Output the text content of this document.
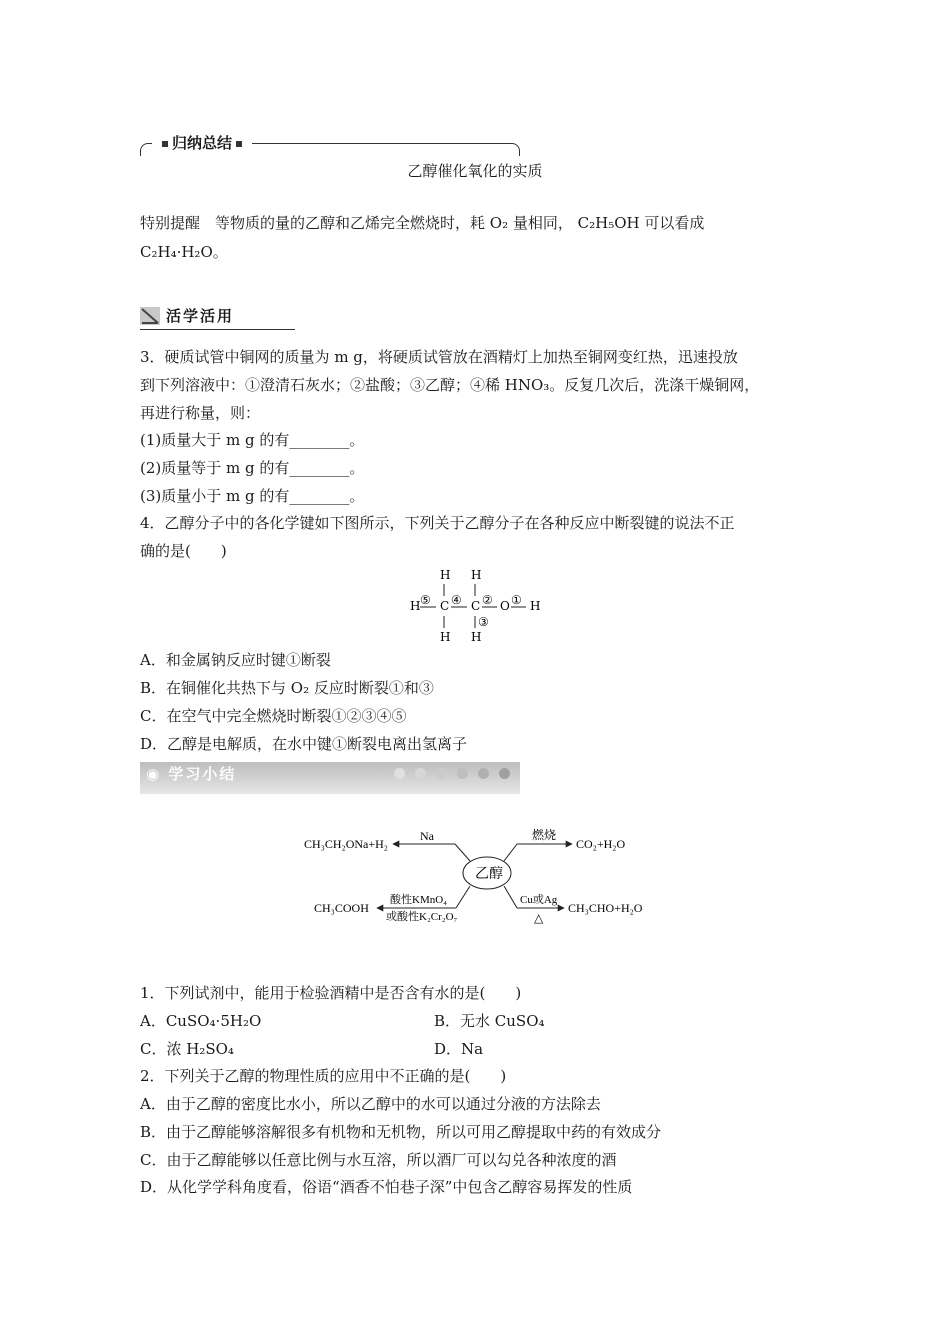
归纳总结
乙醇催化氧化的实质
特别提醒　 等物质的量的乙醇和乙烯完全燃烧时，耗 O₂ 量相同， C₂H₅OH 可以看成
C₂H₄·H₂O。
活学活用
3．硬质试管中铜网的质量为 m g，将硬质试管放在酒精灯上加热至铜网变红热，迅速投放
到下列溶液中：①澄清石灰水；②盐酸；③乙醇；④稀 HNO₃。反复几次后，洗涤干燥铜网，
再进行称量，则：
(1)质量大于 m g 的有________。
(2)质量等于 m g 的有________。
(3)质量小于 m g 的有________。
4．乙醇分子中的各化学键如下图所示，下列关于乙醇分子在各种反应中断裂键的说法不正
确的是(　　)
H H
H ⑤ C ④ C ② O ① H
③
H H
A．和金属钠反应时键①断裂
B．在铜催化共热下与 O₂ 反应时断裂①和③
C．在空气中完全燃烧时断裂①②③④⑤
D．乙醇是电解质，在水中键①断裂电离出氢离子
◉ 学习小结
乙醇
Na
CH₃CH₂ONa+H₂
燃烧
CO₂+H₂O
酸性KMnO₄
或酸性K₂Cr₂O₇
CH₃COOH
Cu或Ag
△
CH₃CHO+H₂O
1．下列试剂中，能用于检验酒精中是否含有水的是(　　)
A．CuSO₄·5H₂O	B．无水 CuSO₄
C．浓 H₂SO₄	D．Na
2．下列关于乙醇的物理性质的应用中不正确的是(　　)
A．由于乙醇的密度比水小，所以乙醇中的水可以通过分液的方法除去
B．由于乙醇能够溶解很多有机物和无机物，所以可用乙醇提取中药的有效成分
C．由于乙醇能够以任意比例与水互溶，所以酒厂可以勾兑各种浓度的酒
D．从化学学科角度看，俗语“酒香不怕巷子深”中包含乙醇容易挥发的性质
